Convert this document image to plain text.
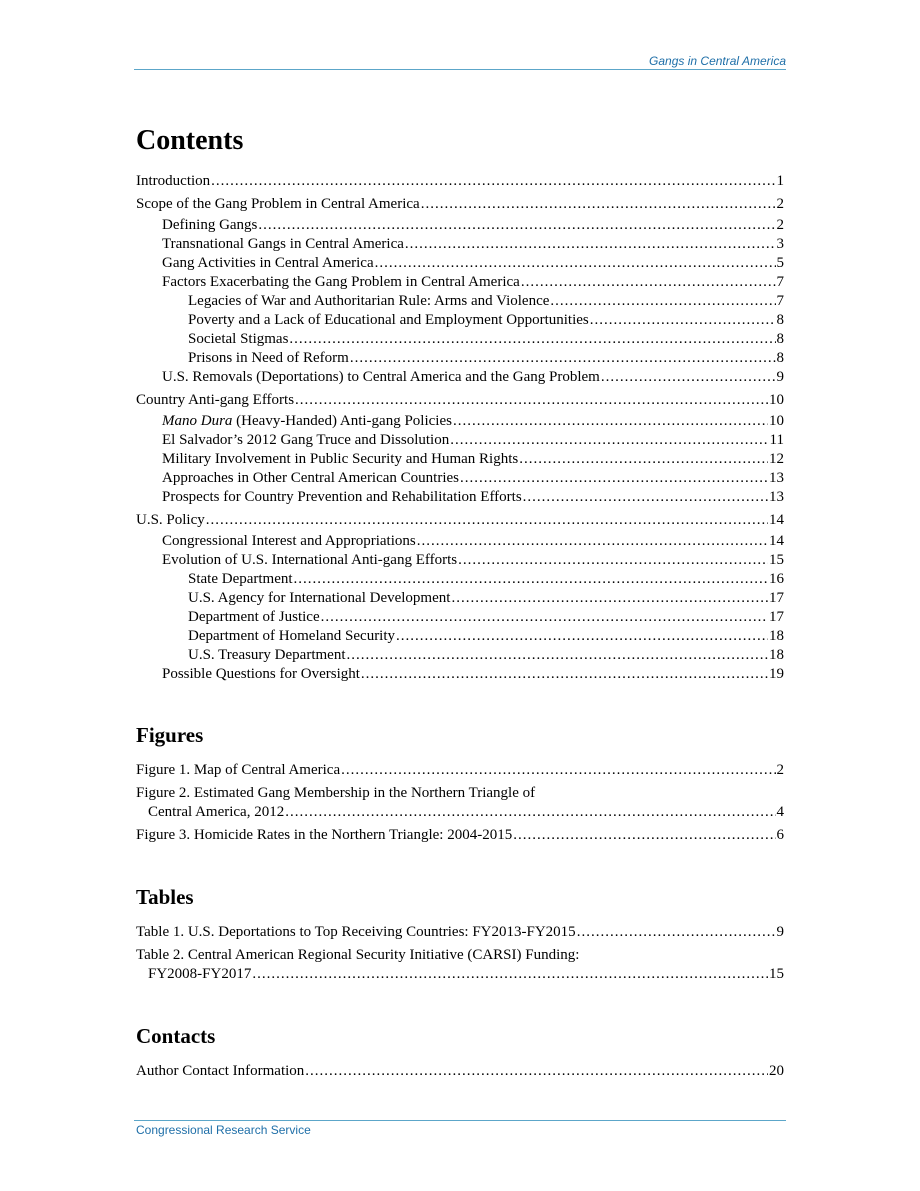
Gangs in Central America
Contents
Introduction .....	1
Scope of the Gang Problem in Central America .....	2
Defining Gangs .....	2
Transnational Gangs in Central America .....	3
Gang Activities in Central America .....	5
Factors Exacerbating the Gang Problem in Central America .....	7
Legacies of War and Authoritarian Rule: Arms and Violence .....	7
Poverty and a Lack of Educational and Employment Opportunities .....	8
Societal Stigmas .....	8
Prisons in Need of Reform .....	8
U.S. Removals (Deportations) to Central America and the Gang Problem .....	9
Country Anti-gang Efforts .....	10
Mano Dura (Heavy-Handed) Anti-gang Policies .....	10
El Salvador’s 2012 Gang Truce and Dissolution .....	11
Military Involvement in Public Security and Human Rights .....	12
Approaches in Other Central American Countries .....	13
Prospects for Country Prevention and Rehabilitation Efforts .....	13
U.S. Policy .....	14
Congressional Interest and Appropriations .....	14
Evolution of U.S. International Anti-gang Efforts .....	15
State Department .....	16
U.S. Agency for International Development .....	17
Department of Justice .....	17
Department of Homeland Security .....	18
U.S. Treasury Department .....	18
Possible Questions for Oversight .....	19
Figures
Figure 1. Map of Central America .....	2
Figure 2. Estimated Gang Membership in the Northern Triangle of
Central America, 2012 .....	4
Figure 3. Homicide Rates in the Northern Triangle: 2004-2015 .....	6
Tables
Table 1. U.S. Deportations to Top Receiving Countries: FY2013-FY2015 .....	9
Table 2. Central American Regional Security Initiative (CARSI) Funding:
FY2008-FY2017 .....	15
Contacts
Author Contact Information .....	20
Congressional Research Service
